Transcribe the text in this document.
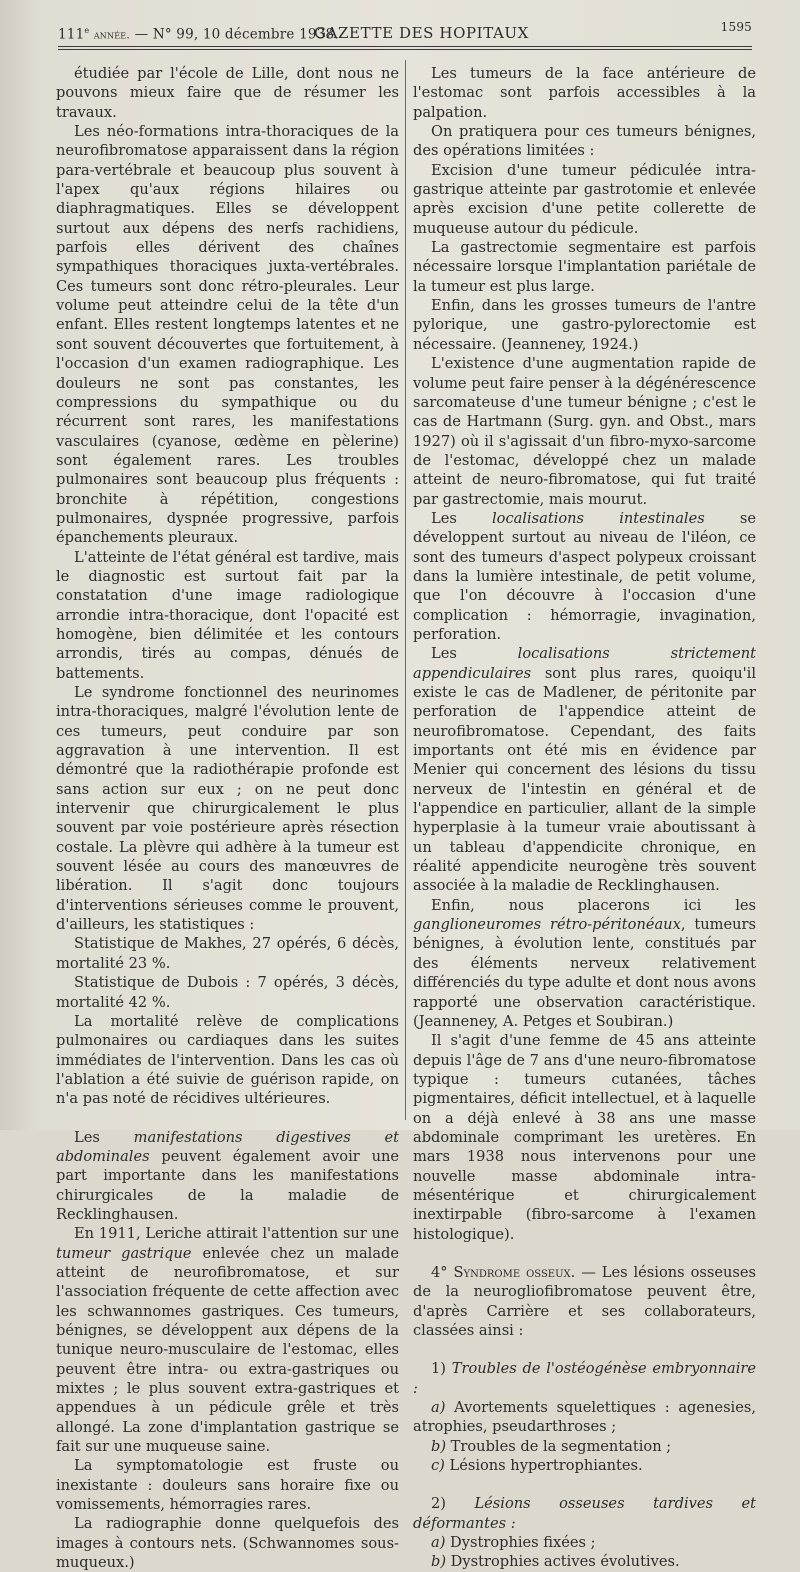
111e année. — N° 99, 10 décembre 1938.
GAZETTE DES HOPITAUX	1595

étudiée par l'école de Lille, dont nous ne pouvons mieux faire que de résumer les travaux.

Les néo-formations intra-thoraciques de la neurofibromatose apparaissent dans la région para-vertébrale et beaucoup plus souvent à l'apex qu'aux régions hilaires ou diaphragmatiques. Elles se développent surtout aux dépens des nerfs rachidiens, parfois elles dérivent des chaînes sympathiques thoraciques juxta-vertébrales. Ces tumeurs sont donc rétro-pleurales. Leur volume peut atteindre celui de la tête d'un enfant. Elles restent longtemps latentes et ne sont souvent découvertes que fortuitement, à l'occasion d'un examen radiographique. Les douleurs ne sont pas constantes, les compressions du sympathique ou du récurrent sont rares, les manifestations vasculaires (cyanose, œdème en pèlerine) sont également rares. Les troubles pulmonaires sont beaucoup plus fréquents : bronchite à répétition, congestions pulmonaires, dyspnée progressive, parfois épanchements pleuraux.

L'atteinte de l'état général est tardive, mais le diagnostic est surtout fait par la constatation d'une image radiologique arrondie intra-thoracique, dont l'opacité est homogène, bien délimitée et les contours arrondis, tirés au compas, dénués de battements.

Le syndrome fonctionnel des neurinomes intra-thoraciques, malgré l'évolution lente de ces tumeurs, peut conduire par son aggravation à une intervention. Il est démontré que la radiothérapie profonde est sans action sur eux ; on ne peut donc intervenir que chirurgicalement le plus souvent par voie postérieure après résection costale. La plèvre qui adhère à la tumeur est souvent lésée au cours des manœuvres de libération. Il s'agit donc toujours d'interventions sérieuses comme le prouvent, d'ailleurs, les statistiques :

Statistique de Makhes, 27 opérés, 6 décès, mortalité 23 %.

Statistique de Dubois : 7 opérés, 3 décès, mortalité 42 %.

La mortalité relève de complications pulmonaires ou cardiaques dans les suites immédiates de l'intervention. Dans les cas où l'ablation a été suivie de guérison rapide, on n'a pas noté de récidives ultérieures.

Les manifestations digestives et abdominales peuvent également avoir une part importante dans les manifestations chirurgicales de la maladie de Recklinghausen.

En 1911, Leriche attirait l'attention sur une tumeur gastrique enlevée chez un malade atteint de neurofibromatose, et sur l'association fréquente de cette affection avec les schwannomes gastriques. Ces tumeurs, bénignes, se développent aux dépens de la tunique neuro-musculaire de l'estomac, elles peuvent être intra- ou extra-gastriques ou mixtes ; le plus souvent extra-gastriques et appendues à un pédicule grêle et très allongé. La zone d'implantation gastrique se fait sur une muqueuse saine.

La symptomatologie est fruste ou inexistante : douleurs sans horaire fixe ou vomissements, hémorragies rares.

La radiographie donne quelquefois des images à contours nets. (Schwannomes sous-muqueux.)

Les tumeurs de la face antérieure de l'estomac sont parfois accessibles à la palpation.

On pratiquera pour ces tumeurs bénignes, des opérations limitées :

Excision d'une tumeur pédiculée intra-gastrique atteinte par gastrotomie et enlevée après excision d'une petite collerette de muqueuse autour du pédicule.

La gastrectomie segmentaire est parfois nécessaire lorsque l'implantation pariétale de la tumeur est plus large.

Enfin, dans les grosses tumeurs de l'antre pylorique, une gastro-pylorectomie est nécessaire. (Jeanneney, 1924.)

L'existence d'une augmentation rapide de volume peut faire penser à la dégénérescence sarcomateuse d'une tumeur bénigne ; c'est le cas de Hartmann (Surg. gyn. and Obst., mars 1927) où il s'agissait d'un fibro-myxo-sarcome de l'estomac, développé chez un malade atteint de neuro-fibromatose, qui fut traité par gastrectomie, mais mourut.

Les localisations intestinales se développent surtout au niveau de l'iléon, ce sont des tumeurs d'aspect polypeux croissant dans la lumière intestinale, de petit volume, que l'on découvre à l'occasion d'une complication : hémorragie, invagination, perforation.

Les localisations strictement appendiculaires sont plus rares, quoiqu'il existe le cas de Madlener, de péritonite par perforation de l'appendice atteint de neurofibromatose. Cependant, des faits importants ont été mis en évidence par Menier qui concernent des lésions du tissu nerveux de l'intestin en général et de l'appendice en particulier, allant de la simple hyperplasie à la tumeur vraie aboutissant à un tableau d'appendicite chronique, en réalité appendicite neurogène très souvent associée à la maladie de Recklinghausen.

Enfin, nous placerons ici les ganglioneuromes rétro-péritonéaux, tumeurs bénignes, à évolution lente, constitués par des éléments nerveux relativement différenciés du type adulte et dont nous avons rapporté une observation caractéristique. (Jeanneney, A. Petges et Soubiran.)

Il s'agit d'une femme de 45 ans atteinte depuis l'âge de 7 ans d'une neuro-fibromatose typique : tumeurs cutanées, tâches pigmentaires, déficit intellectuel, et à laquelle on a déjà enlevé à 38 ans une masse abdominale comprimant les uretères. En mars 1938 nous intervenons pour une nouvelle masse abdominale intra-mésentérique et chirurgicalement inextirpable (fibro-sarcome à l'examen histologique).

4° Syndrome osseux. — Les lésions osseuses de la neurogliofibromatose peuvent être, d'après Carrière et ses collaborateurs, classées ainsi :

1) Troubles de l'ostéogénèse embryonnaire :

a) Avortements squelettiques : agenesies, atrophies, pseudarthroses ;

b) Troubles de la segmentation ;

c) Lésions hypertrophiantes.

2) Lésions osseuses tardives et déformantes :

a) Dystrophies fixées ;

b) Dystrophies actives évolutives.
